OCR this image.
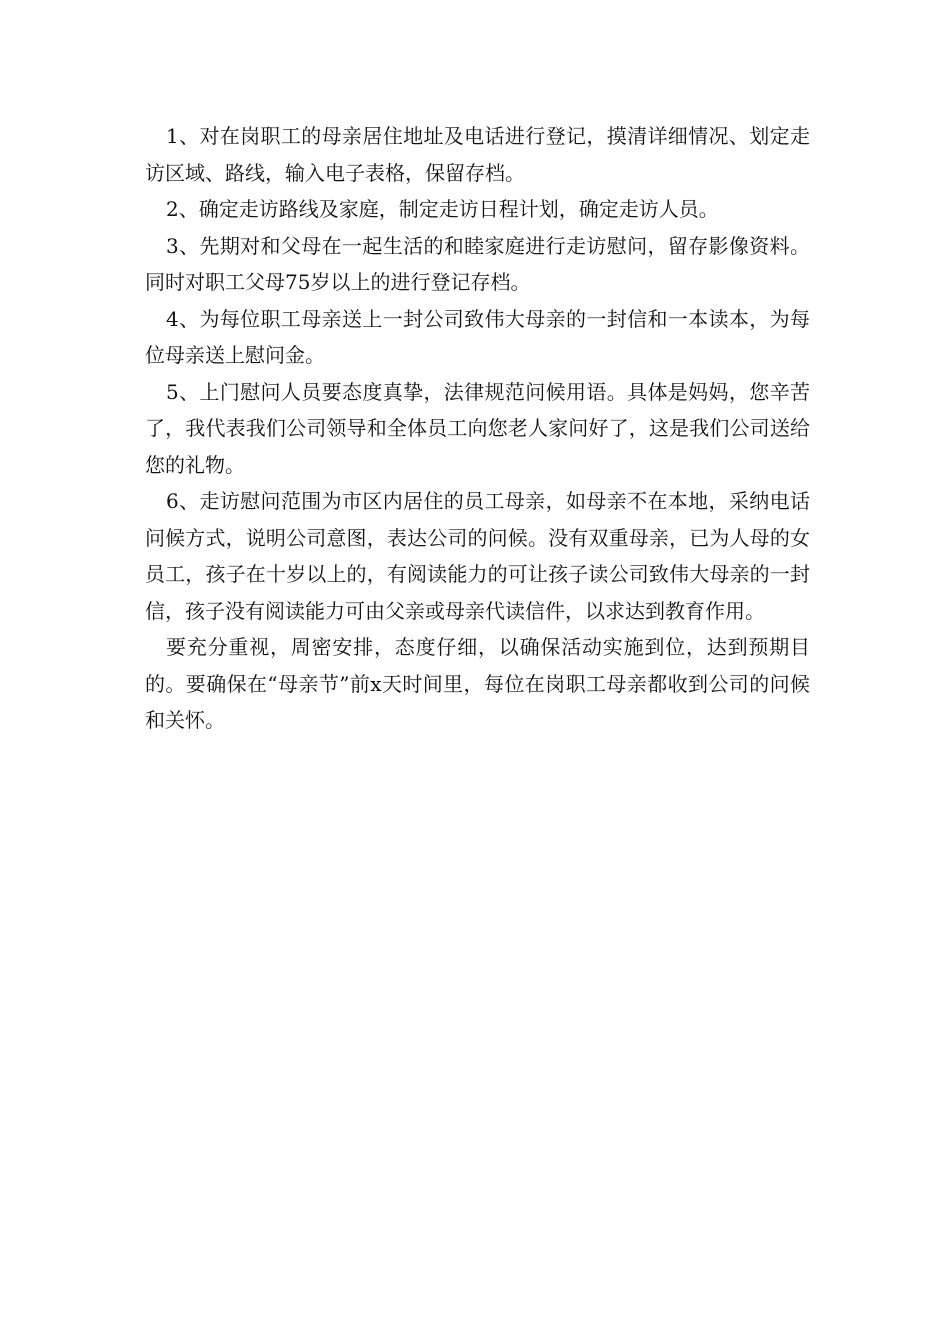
1、对在岗职工的母亲居住地址及电话进行登记，摸清详细情况、划定走访区域、路线，输入电子表格，保留存档。

2、确定走访路线及家庭，制定走访日程计划，确定走访人员。

3、先期对和父母在一起生活的和睦家庭进行走访慰问，留存影像资料。同时对职工父母75岁以上的进行登记存档。

4、为每位职工母亲送上一封公司致伟大母亲的一封信和一本读本，为每位母亲送上慰问金。

5、上门慰问人员要态度真挚，法律规范问候用语。具体是妈妈，您辛苦了，我代表我们公司领导和全体员工向您老人家问好了，这是我们公司送给您的礼物。

6、走访慰问范围为市区内居住的员工母亲，如母亲不在本地，采纳电话问候方式，说明公司意图，表达公司的问候。没有双重母亲，已为人母的女员工，孩子在十岁以上的，有阅读能力的可让孩子读公司致伟大母亲的一封信，孩子没有阅读能力可由父亲或母亲代读信件，以求达到教育作用。

要充分重视，周密安排，态度仔细，以确保活动实施到位，达到预期目的。要确保在“母亲节”前x天时间里，每位在岗职工母亲都收到公司的问候和关怀。
